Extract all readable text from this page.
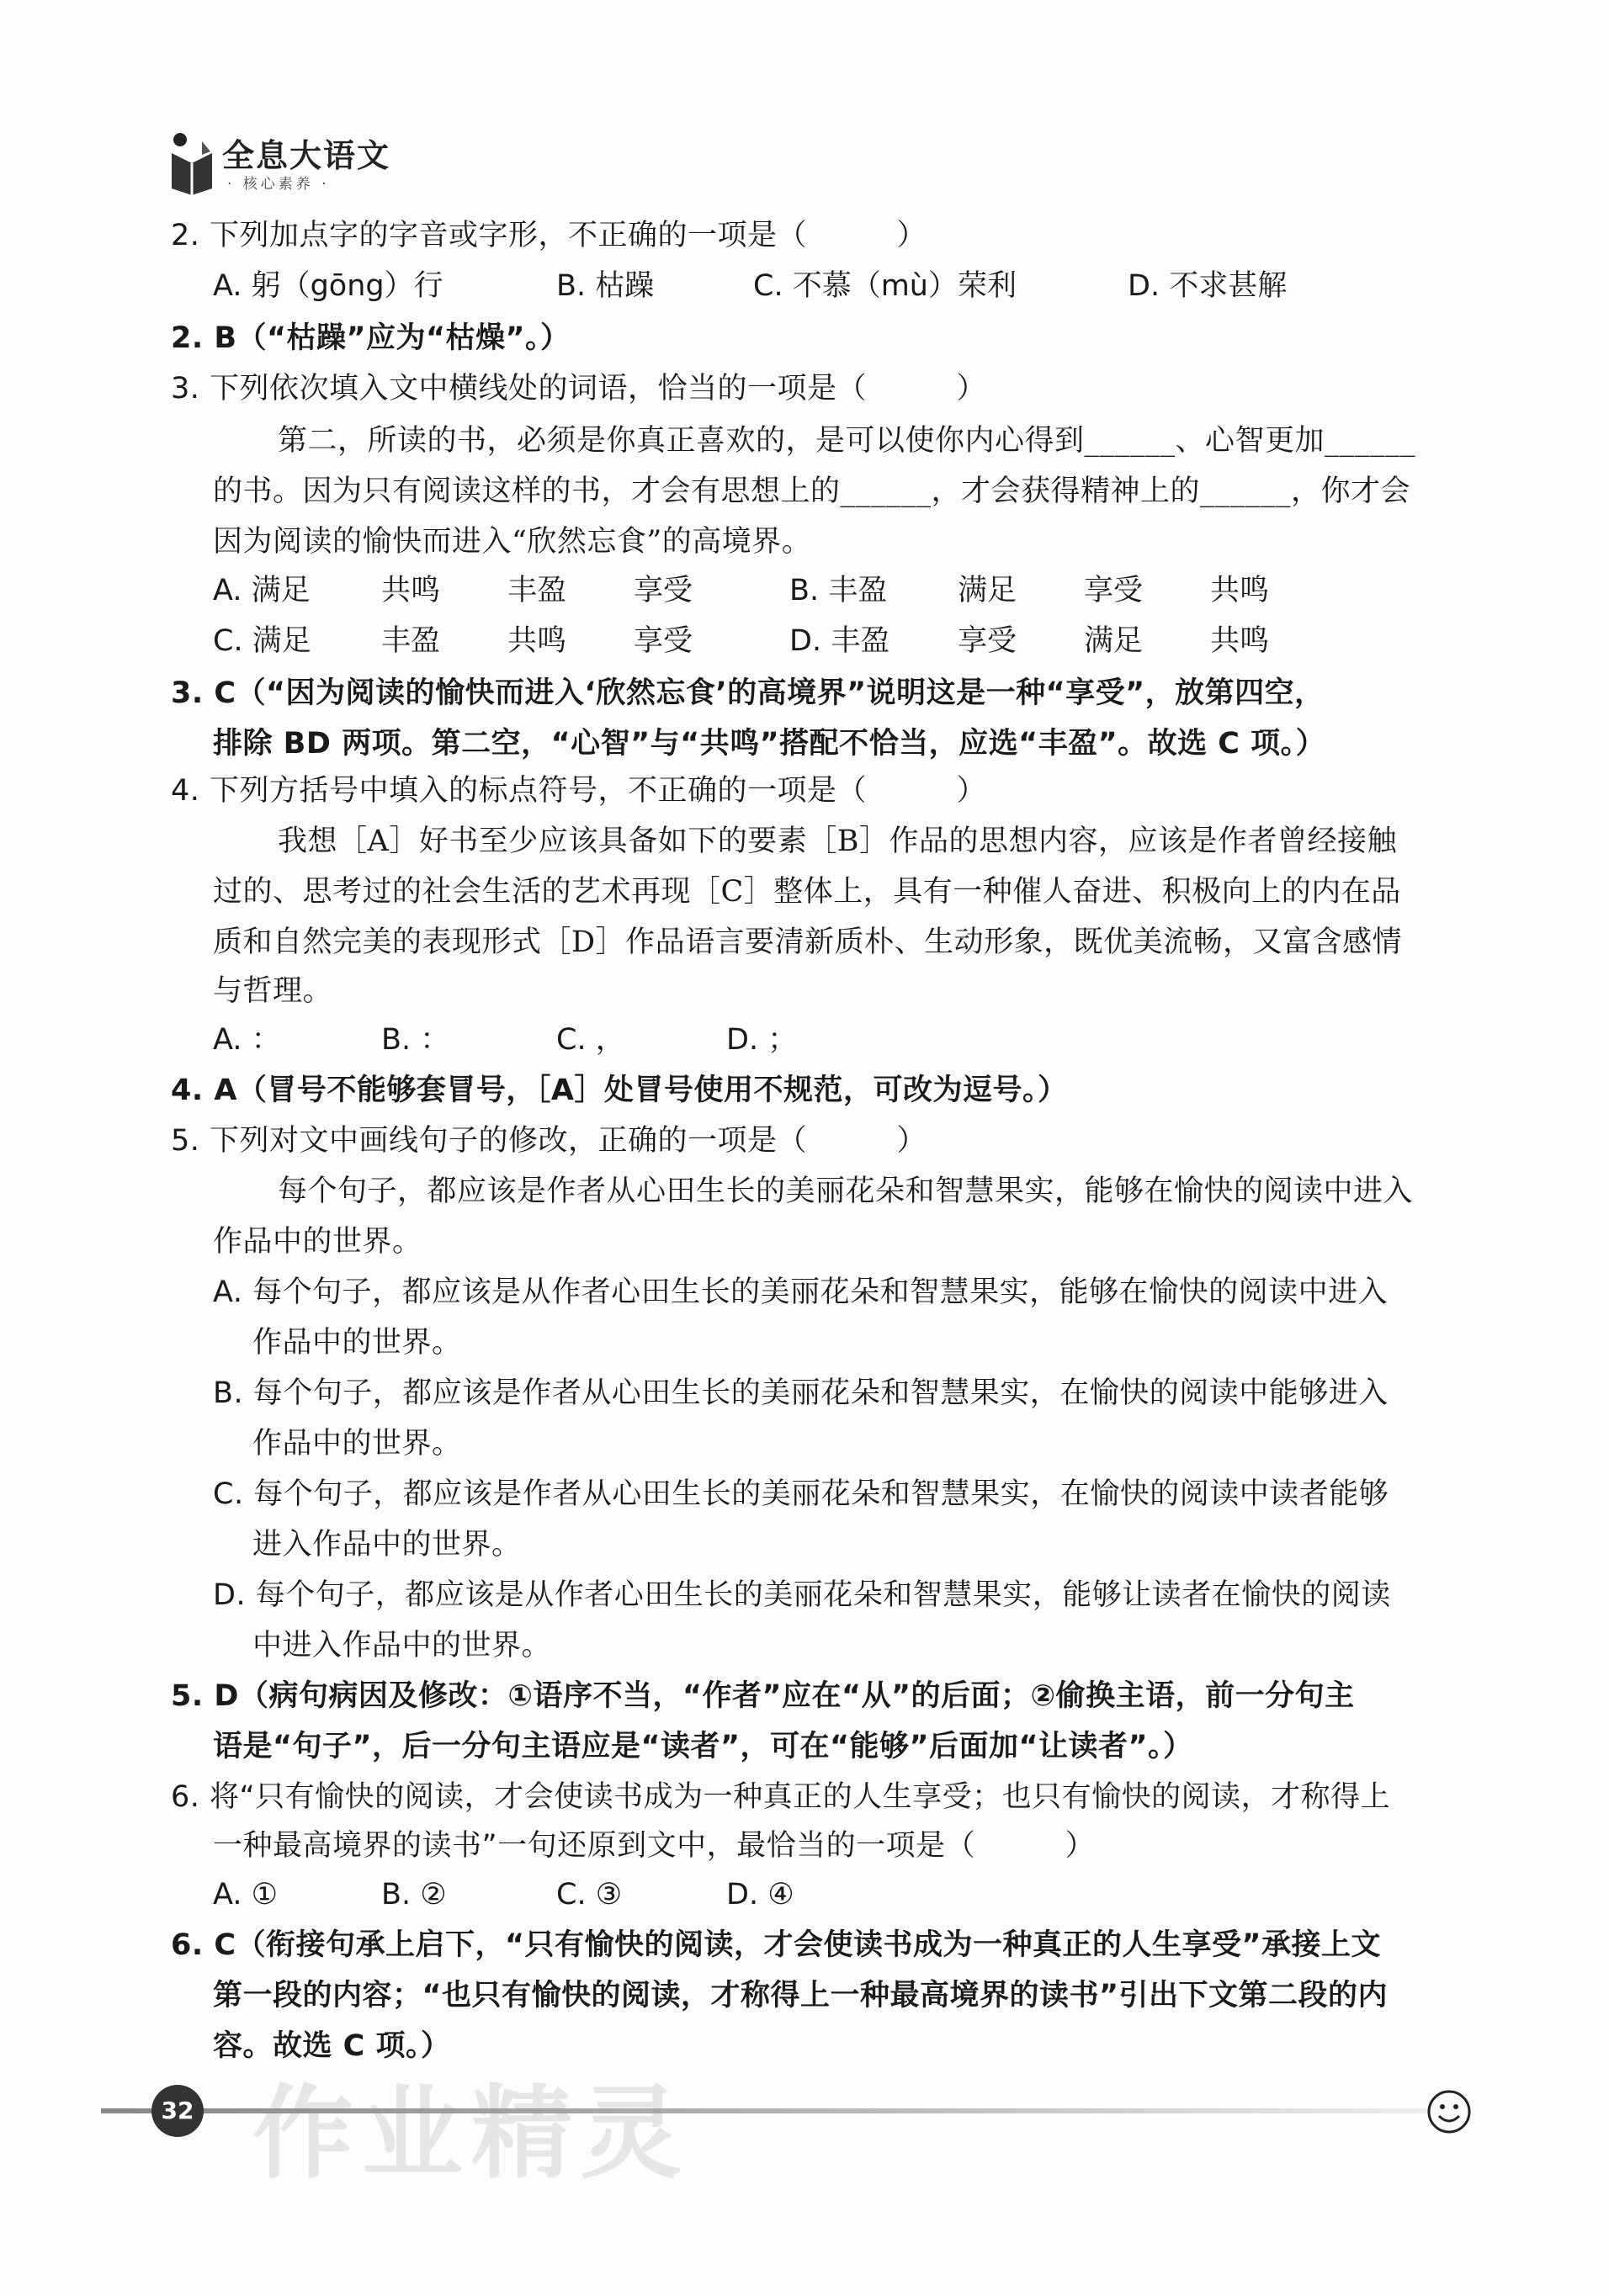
全息大语文
· 核心素养 ·
2. 下列加点字的字音或字形，不正确的一项是（　　　）
A. 躬（gōng）行	B. 枯躁	C. 不慕（mù）荣利	D. 不求甚解
2. B（“枯躁”应为“枯燥”。）
3. 下列依次填入文中横线处的词语，恰当的一项是（　　　）
第二，所读的书，必须是你真正喜欢的，是可以使你内心得到______、心智更加______
的书。因为只有阅读这样的书，才会有思想上的______，才会获得精神上的______，你才会
因为阅读的愉快而进入“欣然忘食”的高境界。
A. 满足 共鸣 丰盈 享受	B. 丰盈 满足 享受 共鸣
C. 满足 丰盈 共鸣 享受	D. 丰盈 享受 满足 共鸣
3. C（“因为阅读的愉快而进入‘欣然忘食’的高境界”说明这是一种“享受”，放第四空，
排除 BD 两项。第二空，“心智”与“共鸣”搭配不恰当，应选“丰盈”。故选 C 项。）
4. 下列方括号中填入的标点符号，不正确的一项是（　　　）
我想［A］好书至少应该具备如下的要素［B］作品的思想内容，应该是作者曾经接触
过的、思考过的社会生活的艺术再现［C］整体上，具有一种催人奋进、积极向上的内在品
质和自然完美的表现形式［D］作品语言要清新质朴、生动形象，既优美流畅，又富含感情
与哲理。
A. ：	B. ：	C. ，	D. ；
4. A（冒号不能够套冒号，［A］处冒号使用不规范，可改为逗号。）
5. 下列对文中画线句子的修改，正确的一项是（　　　）
每个句子，都应该是作者从心田生长的美丽花朵和智慧果实，能够在愉快的阅读中进入
作品中的世界。
A. 每个句子，都应该是从作者心田生长的美丽花朵和智慧果实，能够在愉快的阅读中进入
作品中的世界。
B. 每个句子，都应该是作者从心田生长的美丽花朵和智慧果实，在愉快的阅读中能够进入
作品中的世界。
C. 每个句子，都应该是作者从心田生长的美丽花朵和智慧果实，在愉快的阅读中读者能够
进入作品中的世界。
D. 每个句子，都应该是从作者心田生长的美丽花朵和智慧果实，能够让读者在愉快的阅读
中进入作品中的世界。
5. D（病句病因及修改：①语序不当，“作者”应在“从”的后面；②偷换主语，前一分句主
语是“句子”，后一分句主语应是“读者”，可在“能够”后面加“让读者”。）
6. 将“只有愉快的阅读，才会使读书成为一种真正的人生享受；也只有愉快的阅读，才称得上
一种最高境界的读书”一句还原到文中，最恰当的一项是（　　　）
A. ①	B. ②	C. ③	D. ④
6. C（衔接句承上启下，“只有愉快的阅读，才会使读书成为一种真正的人生享受”承接上文
第一段的内容；“也只有愉快的阅读，才称得上一种最高境界的读书”引出下文第二段的内
容。故选 C 项。）
32 作业精灵
